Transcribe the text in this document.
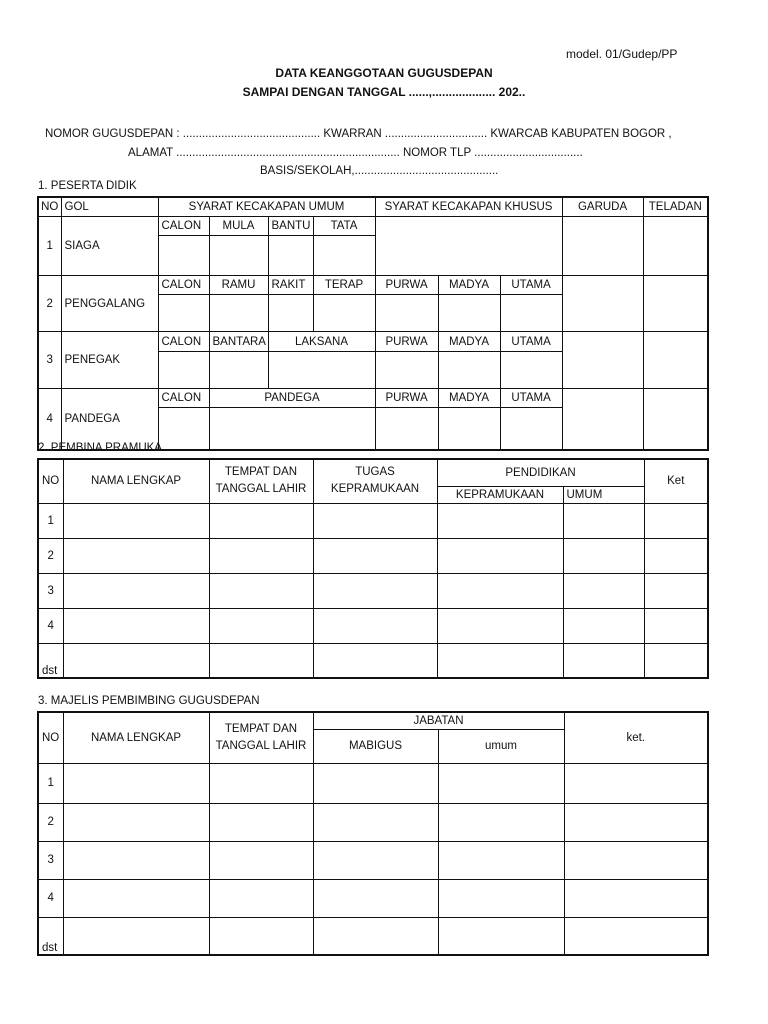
model. 01/Gudep/PP
DATA KEANGGOTAAN GUGUSDEPAN
SAMPAI DENGAN TANGGAL ......,................... 202..
NOMOR GUGUSDEPAN : ........................................... KWARRAN ................................ KWARCAB KABUPATEN BOGOR ,
ALAMAT ...................................................................... NOMOR TLP ..................................
BASIS/SEKOLAH,.............................................
1. PESERTA DIDIK
NO	GOL	SYARAT KECAKAPAN UMUM				SYARAT KECAKAPAN KHUSUS			GARUDA	TELADAN
1	SIAGA	CALON	MULA	BANTU	TATA					

2	PENGGALANG	CALON	RAMU	RAKIT	TERAP	PURWA	MADYA	UTAMA		

3	PENEGAK	CALON	BANTARA	LAKSANA		PURWA	MADYA	UTAMA		

4	PANDEGA	CALON	PANDEGA			PURWA	MADYA	UTAMA		

2. PEMBINA PRAMUKA
NO	NAMA LENGKAP	TEMPAT DAN TANGGAL LAHIR	TUGAS KEPRAMUKAAN	PENDIDIKAN		Ket
				KEPRAMUKAAN	UMUM	
1						
2						
3						
4						
dst						
3. MAJELIS PEMBIMBING GUGUSDEPAN
NO	NAMA LENGKAP	TEMPAT DAN TANGGAL LAHIR	JABATAN		ket.
			MABIGUS	umum	
1					
2					
3					
4					
dst					
